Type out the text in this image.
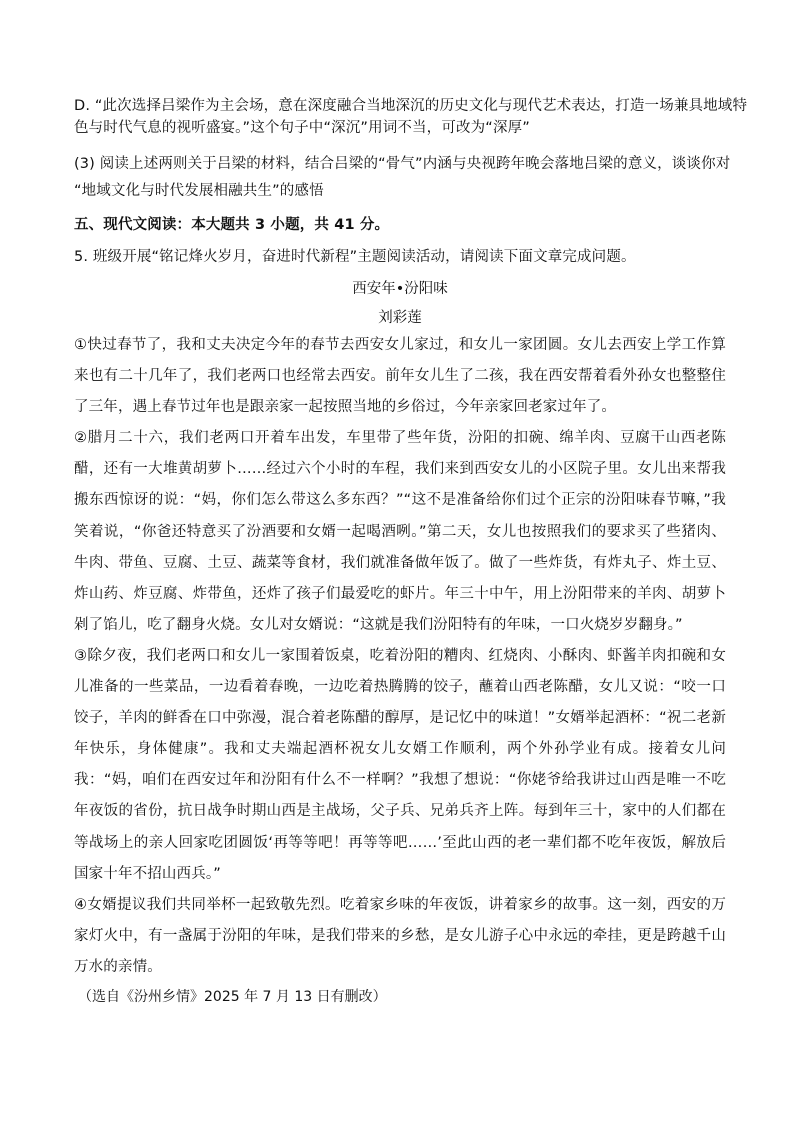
D. “此次选择吕梁作为主会场，意在深度融合当地深沉的历史文化与现代艺术表达，打造一场兼具地域特

色与时代气息的视听盛宴。”这个句子中“深沉”用词不当，可改为“深厚”

(3) 阅读上述两则关于吕梁的材料，结合吕梁的“骨气”内涵与央视跨年晚会落地吕梁的意义，谈谈你对

“地域文化与时代发展相融共生”的感悟

五、现代文阅读：本大题共 3 小题，共 41 分。

5. 班级开展“铭记烽火岁月，奋进时代新程”主题阅读活动，请阅读下面文章完成问题。

西安年•汾阳味

刘彩莲

①快过春节了，我和丈夫决定今年的春节去西安女儿家过，和女儿一家团圆。女儿去西安上学工作算来也有二十几年了，我们老两口也经常去西安。前年女儿生了二孩，我在西安帮着看外孙女也整整住了三年，遇上春节过年也是跟亲家一起按照当地的乡俗过，今年亲家回老家过年了。

②腊月二十六，我们老两口开着车出发，车里带了些年货，汾阳的扣碗、绵羊肉、豆腐干山西老陈醋，还有一大堆黄胡萝卜……经过六个小时的车程，我们来到西安女儿的小区院子里。女儿出来帮我搬东西惊讶的说：“妈，你们怎么带这么多东西？”“这不是准备给你们过个正宗的汾阳味春节嘛，”我笑着说，“你爸还特意买了汾酒要和女婿一起喝酒咧。”第二天，女儿也按照我们的要求买了些猪肉、牛肉、带鱼、豆腐、土豆、蔬菜等食材，我们就准备做年饭了。做了一些炸货，有炸丸子、炸土豆、炸山药、炸豆腐、炸带鱼，还炸了孩子们最爱吃的虾片。年三十中午，用上汾阳带来的羊肉、胡萝卜剁了馅儿，吃了翻身火烧。女儿对女婿说：“这就是我们汾阳特有的年味，一口火烧岁岁翻身。”

③除夕夜，我们老两口和女儿一家围着饭桌，吃着汾阳的糟肉、红烧肉、小酥肉、虾酱羊肉扣碗和女儿准备的一些菜品，一边看着春晚，一边吃着热腾腾的饺子，蘸着山西老陈醋，女儿又说：“咬一口饺子，羊肉的鲜香在口中弥漫，混合着老陈醋的醇厚，是记忆中的味道！”女婿举起酒杯：“祝二老新年快乐，身体健康”。我和丈夫端起酒杯祝女儿女婿工作顺利，两个外孙学业有成。接着女儿问我：“妈，咱们在西安过年和汾阳有什么不一样啊？”我想了想说：“你姥爷给我讲过山西是唯一不吃年夜饭的省份，抗日战争时期山西是主战场，父子兵、兄弟兵齐上阵。每到年三十，家中的人们都在等战场上的亲人回家吃团圆饭‘再等等吧！再等等吧……’至此山西的老一辈们都不吃年夜饭，解放后国家十年不招山西兵。”

④女婿提议我们共同举杯一起致敬先烈。吃着家乡味的年夜饭，讲着家乡的故事。这一刻，西安的万家灯火中，有一盏属于汾阳的年味，是我们带来的乡愁，是女儿游子心中永远的牵挂，更是跨越千山万水的亲情。

（选自《汾州乡情》2025 年 7 月 13 日有删改）
